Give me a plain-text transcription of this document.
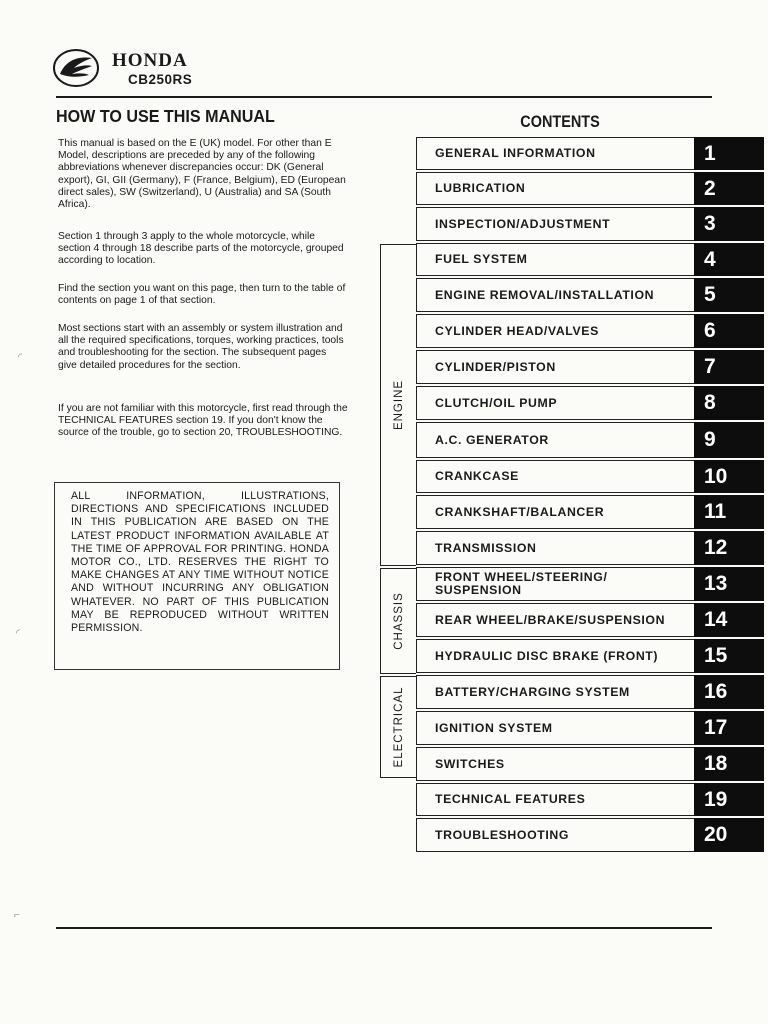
HONDA
CB250RS
HOW TO USE THIS MANUAL

This manual is based on the E (UK) model. For other than E Model, descriptions are preceded by any of the following abbreviations whenever discrepancies occur: DK (General export), GI, GII (Germany), F (France, Belgium), ED (European direct sales), SW (Switzerland), U (Australia) and SA (South Africa).

Section 1 through 3 apply to the whole motorcycle, while section 4 through 18 describe parts of the motorcycle, grouped according to location.

Find the section you want on this page, then turn to the table of contents on page 1 of that section.

Most sections start with an assembly or system illustration and all the required specifications, torques, working practices, tools and troubleshooting for the section. The subsequent pages give detailed procedures for the section.

If you are not familiar with this motorcycle, first read through the TECHNICAL FEATURES section 19. If you don't know the source of the trouble, go to section 20, TROUBLESHOOTING.

ALL INFORMATION, ILLUSTRATIONS, DIRECTIONS AND SPECIFICATIONS INCLUDED IN THIS PUBLICATION ARE BASED ON THE LATEST PRODUCT INFORMATION AVAILABLE AT THE TIME OF APPROVAL FOR PRINTING. HONDA MOTOR CO., LTD. RESERVES THE RIGHT TO MAKE CHANGES AT ANY TIME WITHOUT NOTICE AND WITHOUT INCURRING ANY OBLIGATION WHATEVER. NO PART OF THIS PUBLICATION MAY BE REPRODUCED WITHOUT WRITTEN PERMISSION.

CONTENTS
ENGINE
CHASSIS
ELECTRICAL
GENERAL INFORMATION	1
LUBRICATION	2
INSPECTION/ADJUSTMENT	3
FUEL SYSTEM	4
ENGINE REMOVAL/INSTALLATION	5
CYLINDER HEAD/VALVES	6
CYLINDER/PISTON	7
CLUTCH/OIL PUMP	8
A.C. GENERATOR	9
CRANKCASE	10
CRANKSHAFT/BALANCER	11
TRANSMISSION	12
FRONT WHEEL/STEERING/ SUSPENSION	13
REAR WHEEL/BRAKE/SUSPENSION	14
HYDRAULIC DISC BRAKE (FRONT)	15
BATTERY/CHARGING SYSTEM	16
IGNITION SYSTEM	17
SWITCHES	18
TECHNICAL FEATURES	19
TROUBLESHOOTING	20
◜
◜
⌐
